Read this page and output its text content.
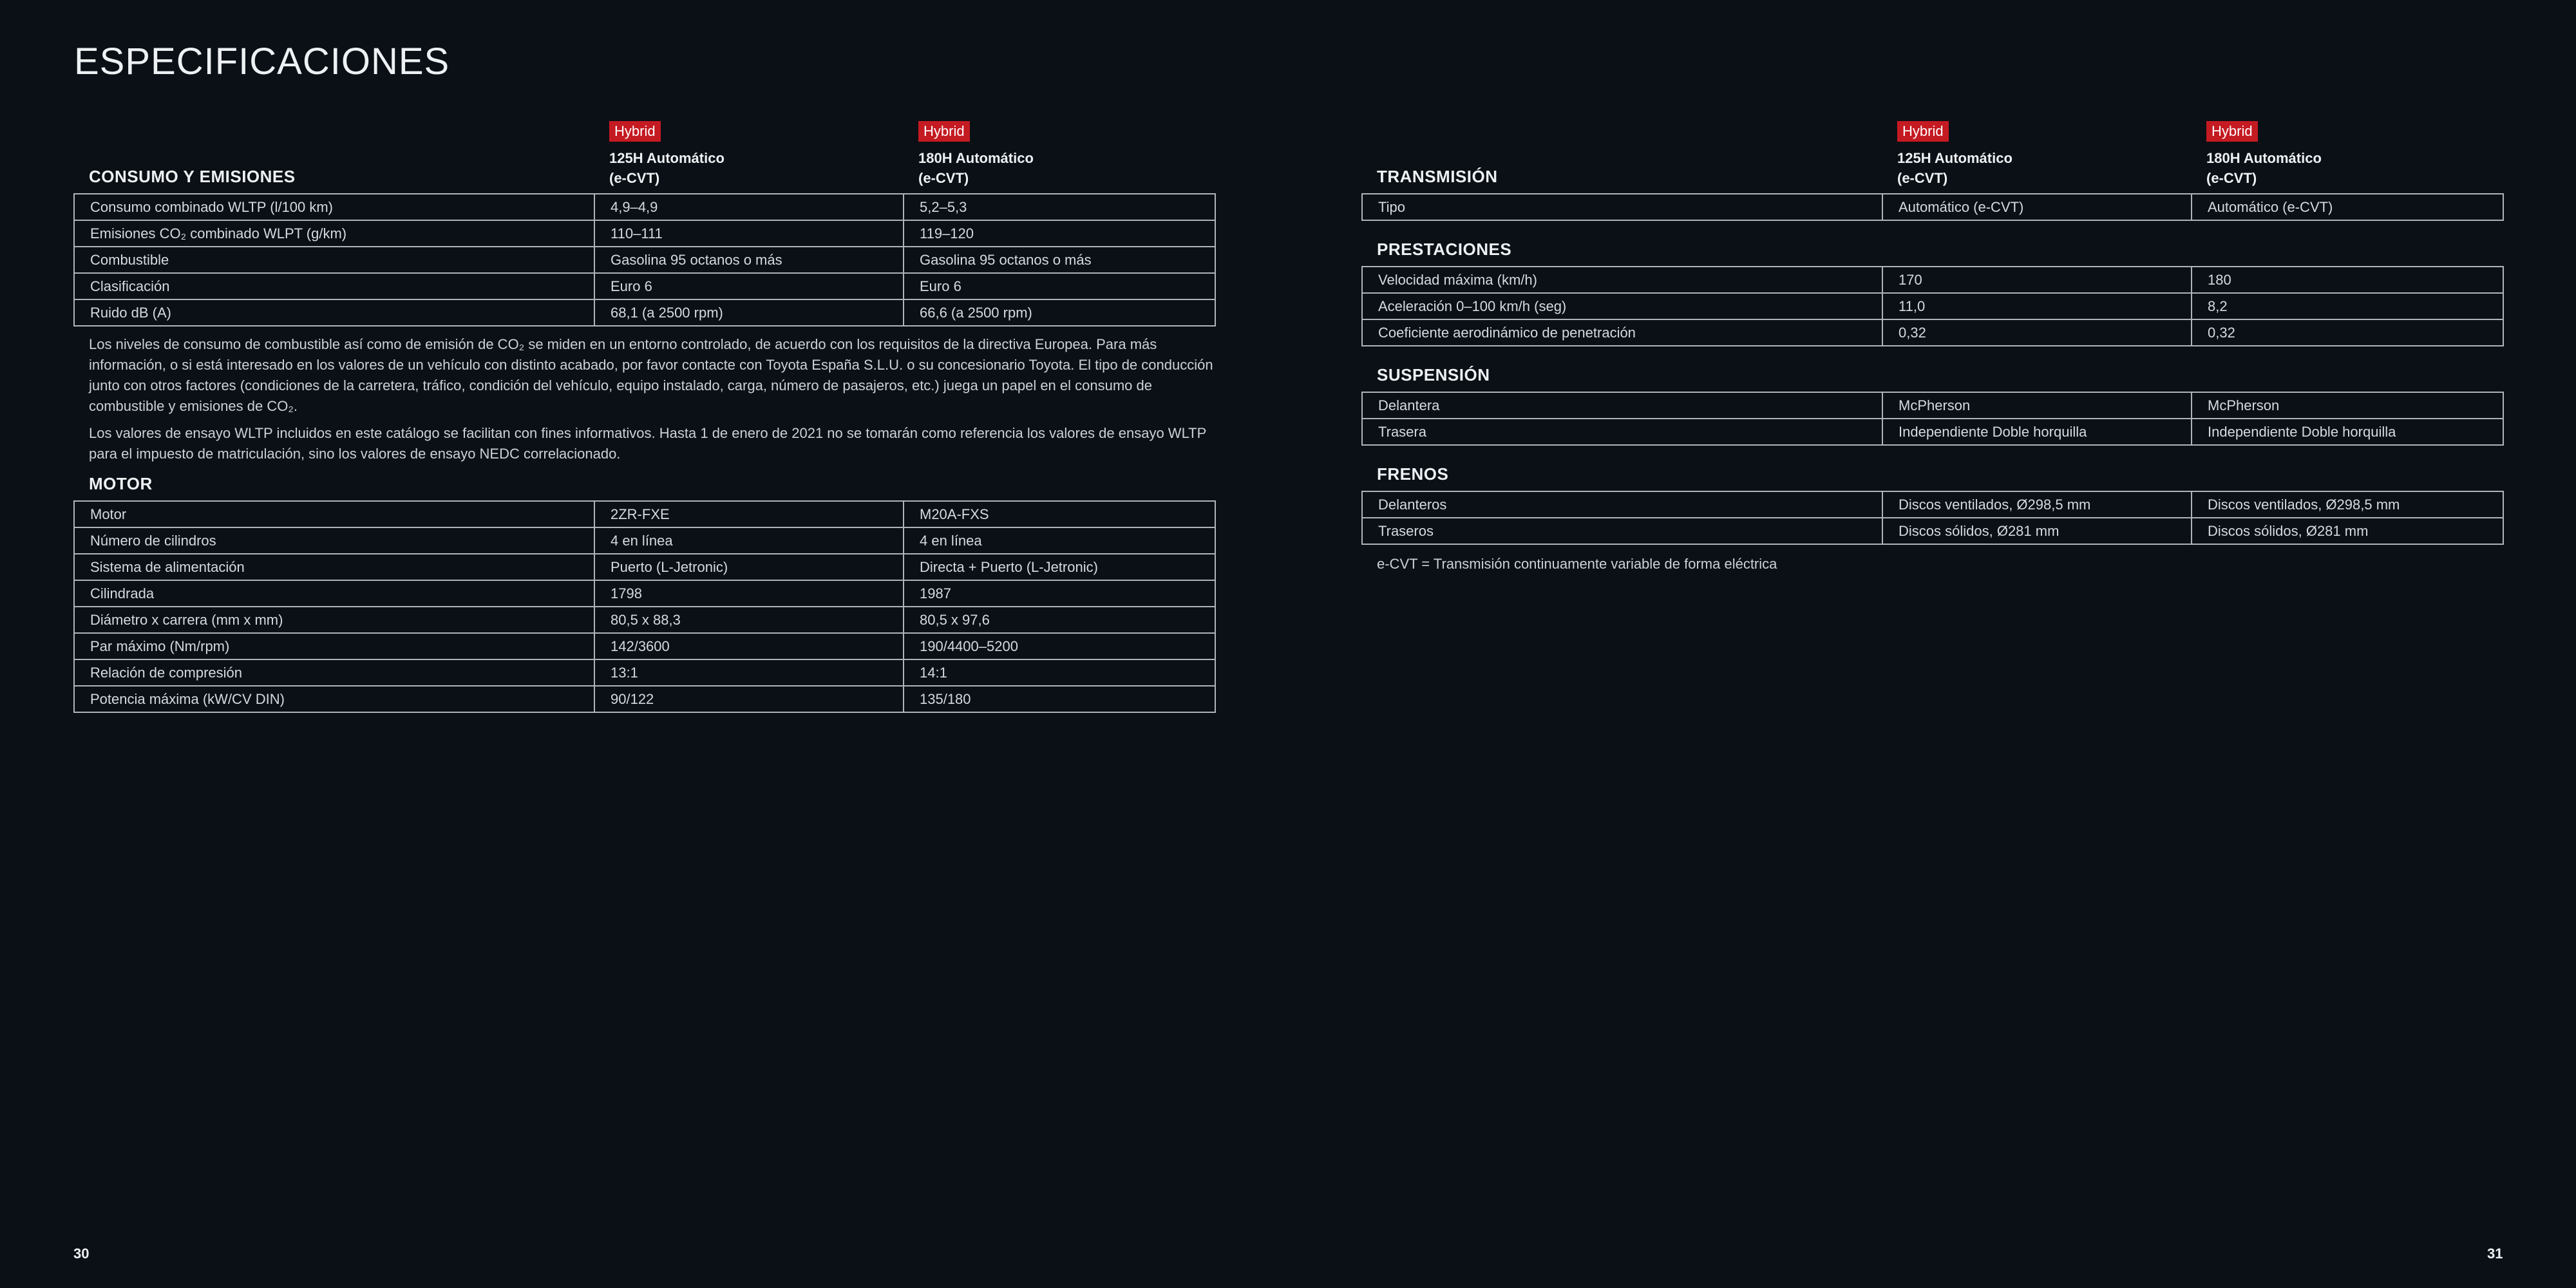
ESPECIFICACIONES
CONSUMO Y EMISIONES
Hybrid
125H Automático
(e-CVT)
Hybrid
180H Automático
(e-CVT)
Consumo combinado WLTP (l/100 km)	4,9–4,9	5,2–5,3
Emisiones CO₂ combinado WLPT (g/km)	110–111	119–120
Combustible	Gasolina 95 octanos o más	Gasolina 95 octanos o más
Clasificación	Euro 6	Euro 6
Ruido dB (A)	68,1 (a 2500 rpm)	66,6 (a 2500 rpm)

Los niveles de consumo de combustible así como de emisión de CO₂ se miden en un entorno controlado, de acuerdo con los requisitos de la directiva Europea. Para más información, o si está interesado en los valores de un vehículo con distinto acabado, por favor contacte con Toyota España S.L.U. o su concesionario Toyota. El tipo de conducción junto con otros factores (condiciones de la carretera, tráfico, condición del vehículo, equipo instalado, carga, número de pasajeros, etc.) juega un papel en el consumo de combustible y emisiones de CO₂.

Los valores de ensayo WLTP incluidos en este catálogo se facilitan con fines informativos. Hasta 1 de enero de 2021 no se tomarán como referencia los valores de ensayo WLTP para el impuesto de matriculación, sino los valores de ensayo NEDC correlacionado.

MOTOR
Motor	2ZR-FXE	M20A-FXS
Número de cilindros	4 en línea	4 en línea
Sistema de alimentación	Puerto (L-Jetronic)	Directa + Puerto (L-Jetronic)
Cilindrada	1798	1987
Diámetro x carrera (mm x mm)	80,5 x 88,3	80,5 x 97,6
Par máximo (Nm/rpm)	142/3600	190/4400–5200
Relación de compresión	13:1	14:1
Potencia máxima (kW/CV DIN)	90/122	135/180
TRANSMISIÓN
Hybrid
125H Automático
(e-CVT)
Hybrid
180H Automático
(e-CVT)
Tipo	Automático (e-CVT)	Automático (e-CVT)
PRESTACIONES
Velocidad máxima (km/h)	170	180
Aceleración 0–100 km/h (seg)	11,0	8,2
Coeficiente aerodinámico de penetración	0,32	0,32
SUSPENSIÓN
Delantera	McPherson	McPherson
Trasera	Independiente Doble horquilla	Independiente Doble horquilla
FRENOS
Delanteros	Discos ventilados, Ø298,5 mm	Discos ventilados, Ø298,5 mm
Traseros	Discos sólidos, Ø281 mm	Discos sólidos, Ø281 mm

e-CVT = Transmisión continuamente variable de forma eléctrica

30	31
